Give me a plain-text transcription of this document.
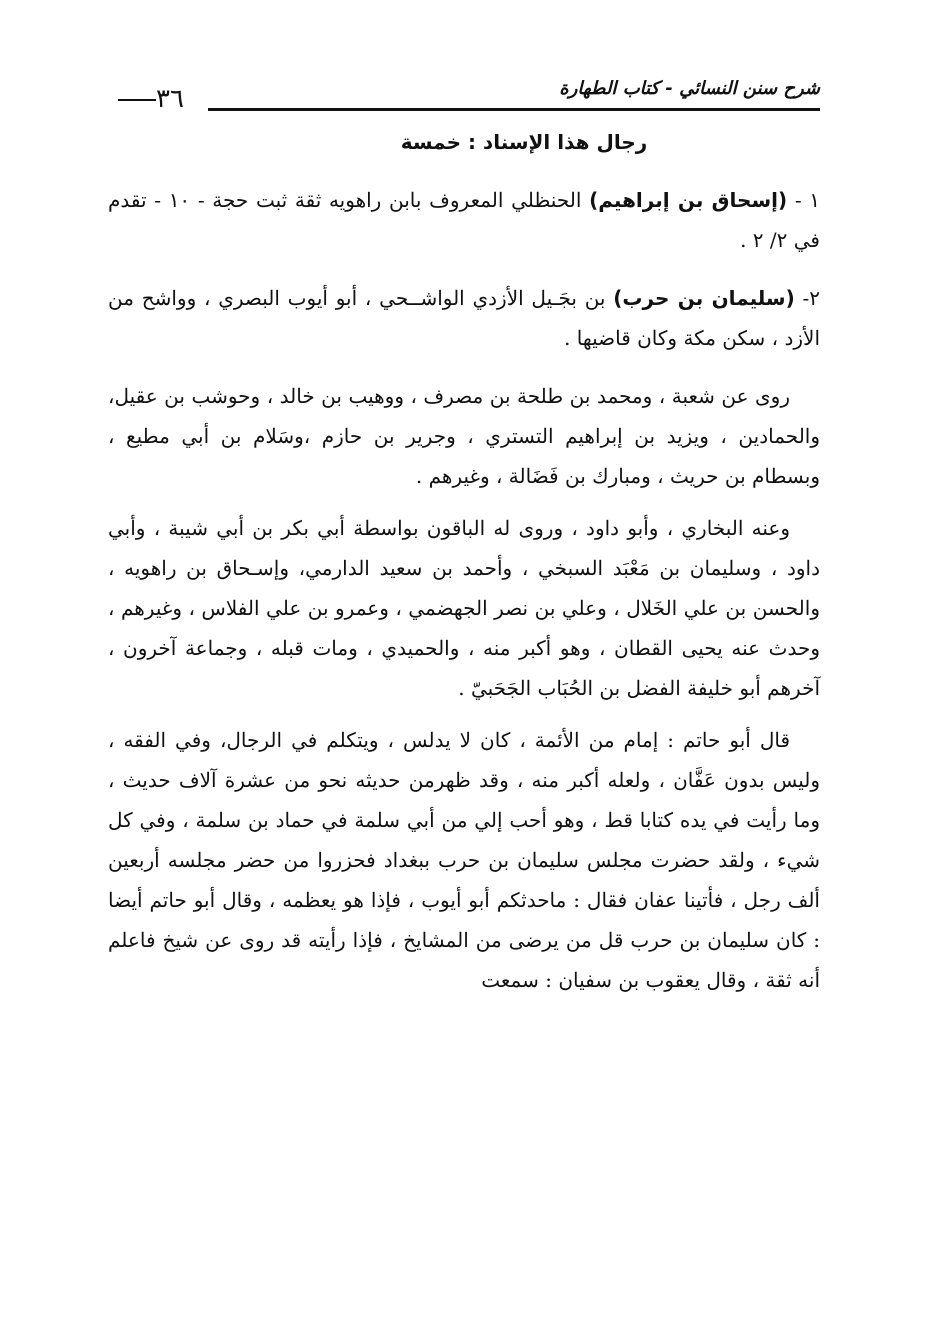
شرح سنن النسائي - كتاب الطهارة
٣٦
رجال هذا الإسناد : خمسة

١ - (إسحاق بن إبراهيم) الحنظلي المعروف بابن راهويه ثقة ثبت حجة - ١٠ - تقدم في ٢/ ٢ .

٢- (سليمان بن حرب) بن بجَـيل الأزدي الواشــحي ، أبو أيوب البصري ، وواشح من الأزد ، سكن مكة وكان قاضيها .

روى عن شعبة ، ومحمد بن طلحة بن مصرف ، ووهيب بن خالد ، وحوشب بن عقيل، والحمادين ، ويزيد بن إبراهيم التستري ، وجرير بن حازم ،وسَلام بن أبي مطيع ، وبسطام بن حريث ، ومبارك بن فَضَالة ، وغيرهم .

وعنه البخاري ، وأبو داود ، وروى له الباقون بواسطة أبي بكر بن أبي شيبة ، وأبي داود ، وسليمان بن مَعْبَد السبخي ، وأحمد بن سعيد الدارمي، وإسـحاق بن راهويه ، والحسن بن علي الخَلال ، وعلي بن نصر الجهضمي ، وعمرو بن علي الفلاس ، وغيرهم ، وحدث عنه يحيى القطان ، وهو أكبر منه ، والحميدي ، ومات قبله ، وجماعة آخرون ، آخرهم أبو خليفة الفضل بن الحُبَاب الجَحَبيّ .

قال أبو حاتم : إمام من الأئمة ، كان لا يدلس ، ويتكلم في الرجال، وفي الفقه ، وليس بدون عَفَّان ، ولعله أكبر منه ، وقد ظهرمن حديثه نحو من عشرة آلاف حديث ، وما رأيت في يده كتابا قط ، وهو أحب إلي من أبي سلمة في حماد بن سلمة ، وفي كل شيء ، ولقد حضرت مجلس سليمان بن حرب ببغداد فحزروا من حضر مجلسه أربعين ألف رجل ، فأتينا عفان فقال : ماحدثكم أبو أيوب ، فإذا هو يعظمه ، وقال أبو حاتم أيضا : كان سليمان بن حرب قل من يرضى من المشايخ ، فإذا رأيته قد روى عن شيخ فاعلم أنه ثقة ، وقال يعقوب بن سفيان : سمعت
